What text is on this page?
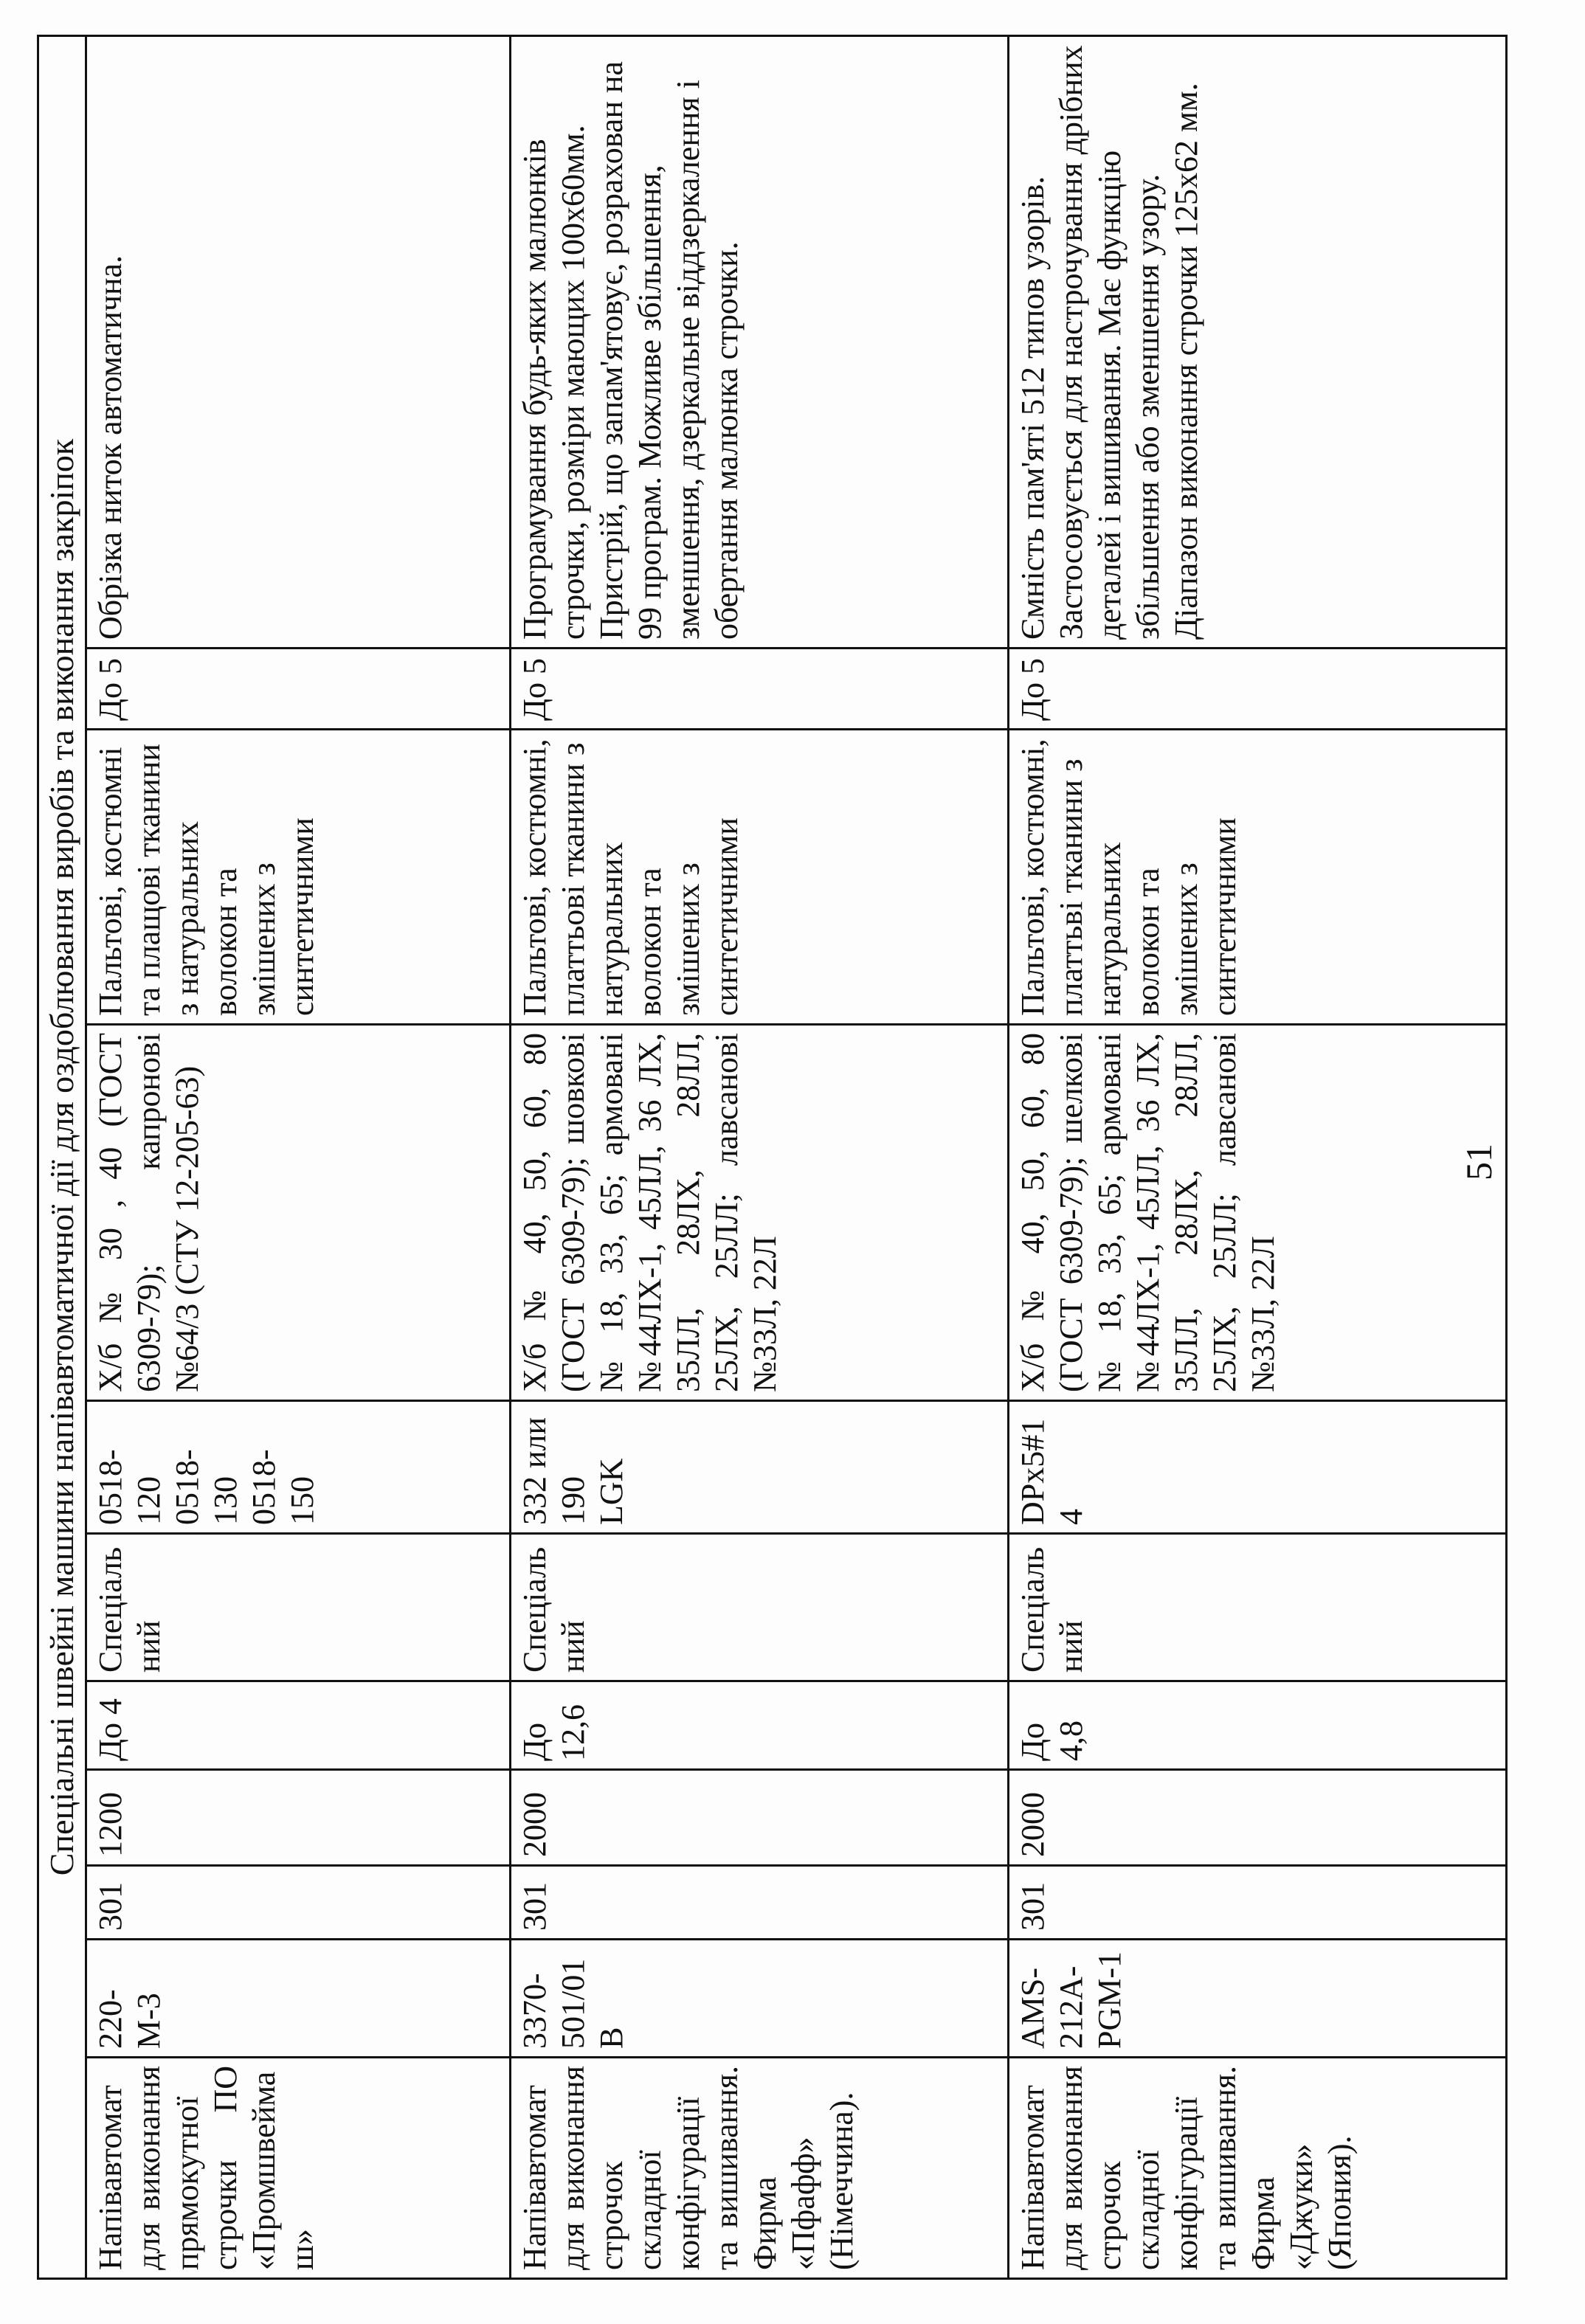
Спеціальні швейні машини напівавтоматичної дії для оздоблювання виробів та виконання закріпок										
Напівавтомат для виконання прямокутної строчки ПО «Промшвеймаш»	220-М-3	301	1200	До 4	Спеціальний	0518-120 0518-130 0518-150	Х/б № 30 , 40 (ГОСТ 6309-79); капронові №64/3 (СТУ 12-205-63)	Пальтові, костюмні та плащові тканини з натуральних волокон та змішених з синтетичними	До 5	Обрізка ниток автоматична.
Напівавтомат для виконання строчок складної конфігурації та вишивання. Фирма «Пфафф» (Німеччина).	3370-501/01 В	301	2000	До 12,6	Спеціальний	332 или 190 LGK	Х/б № 40, 50, 60, 80 (ГОСТ 6309-79); шовкові № 18, 33, 65; армовані №44ЛХ-1, 45ЛЛ, 36 ЛХ, 35ЛЛ, 28ЛХ, 28ЛЛ, 25ЛХ, 25ЛЛ; лавсанові №33Л, 22Л	Пальтові, костюмні, платтьові тканини з натуральних волокон та змішених з синтетичними	До 5	Програмування будь-яких малюнків строчки, розміри мающих 100х60мм. Пристрій, що запам'ятовує, розрахован на 99 програм. Можливе збільшення, зменшення, дзеркальне віддзеркалення і обертання малюнка строчки.
Напівавтомат для виконання строчок складної конфігурації та вишивання. Фирма «Джуки» (Япония).	AMS-212A-PGM-1	301	2000	До 4,8	Спеціальний	DPx5#14	Х/б № 40, 50, 60, 80 (ГОСТ 6309-79); шелкові № 18, 33, 65; армовані №44ЛХ-1, 45ЛЛ, 36 ЛХ, 35ЛЛ, 28ЛХ, 28ЛЛ, 25ЛХ, 25ЛЛ; лавсанові №33Л, 22Л	Пальтові, костюмні, платтьві тканини з натуральних волокон та змішених з синтетичними	До 5	Ємність пам'яті 512 типов узорів. Застосовується для настрочування дрібних деталей і вишивання. Має функцію збільшення або зменшення узору. Діапазон виконання строчки 125х62 мм.
51
